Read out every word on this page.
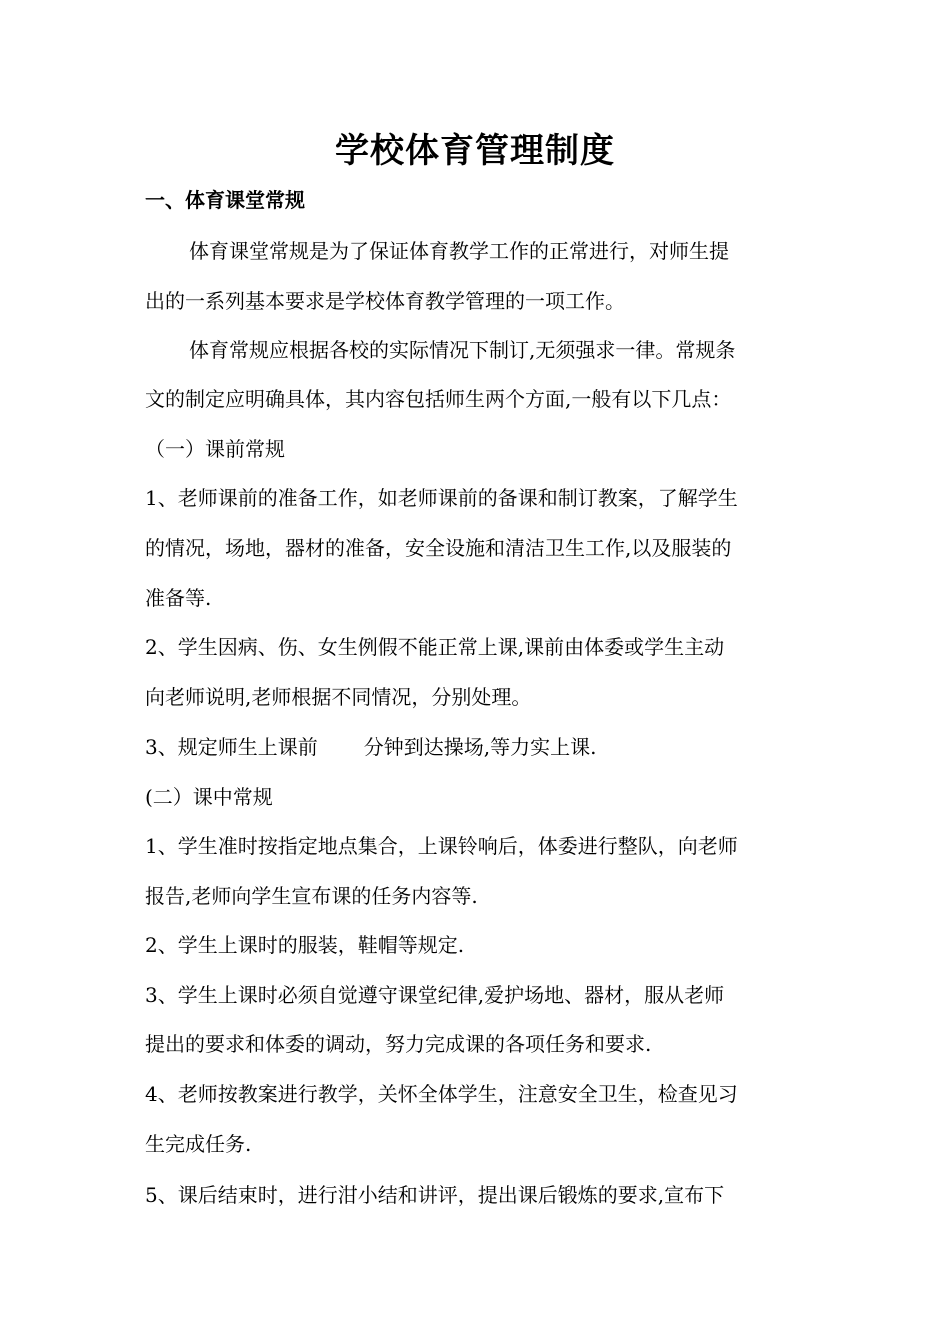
学校体育管理制度
一、体育课堂常规
体育课堂常规是为了保证体育教学工作的正常进行，对师生提
出的一系列基本要求是学校体育教学管理的一项工作。
体育常规应根据各校的实际情况下制订,无须强求一律。常规条
文的制定应明确具体，其内容包括师生两个方面,一般有以下几点：
（一）课前常规
1、老师课前的准备工作，如老师课前的备课和制订教案，了解学生
的情况，场地，器材的准备，安全设施和清洁卫生工作,以及服装的
准备等.
2、学生因病、伤、女生例假不能正常上课,课前由体委或学生主动
向老师说明,老师根据不同情况，分别处理。
3、规定师生上课前 分钟到达操场,等力实上课.
(二）课中常规
1、学生准时按指定地点集合，上课铃响后，体委进行整队，向老师
报告,老师向学生宣布课的任务内容等.
2、学生上课时的服装，鞋帽等规定.
3、学生上课时必须自觉遵守课堂纪律,爱护场地、器材，服从老师
提出的要求和体委的调动，努力完成课的各项任务和要求.
4、老师按教案进行教学，关怀全体学生，注意安全卫生，检查见习
生完成任务.
5、课后结束时，进行泔小结和讲评，提出课后锻炼的要求,宣布下
